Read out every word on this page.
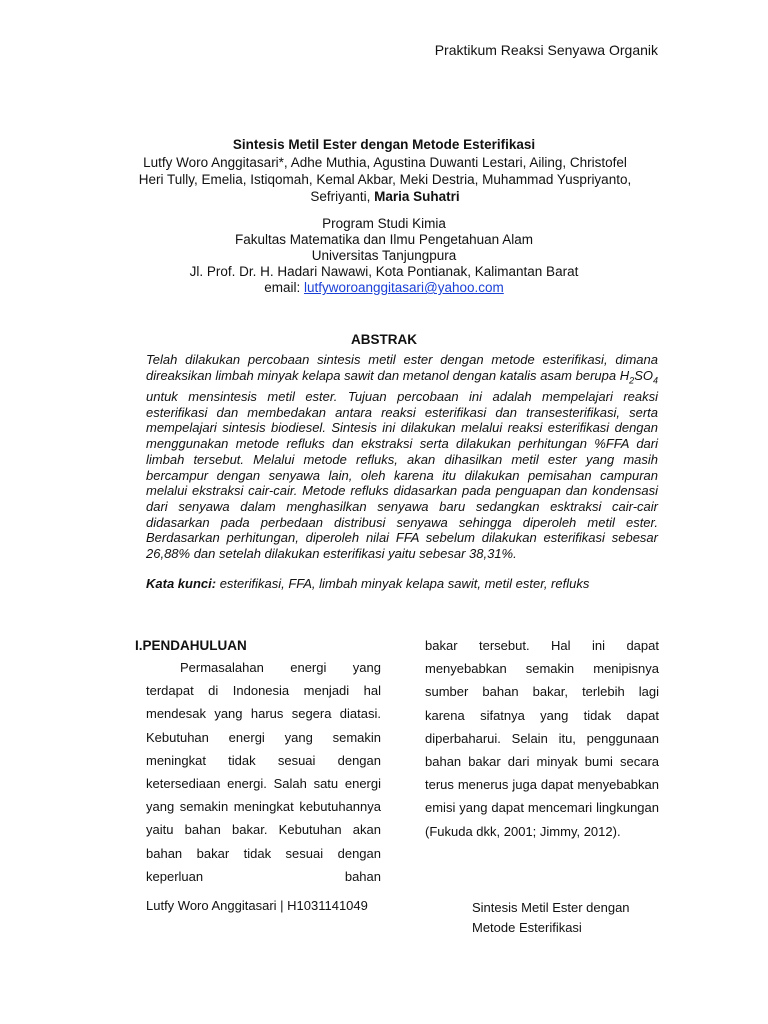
Praktikum Reaksi Senyawa Organik
Sintesis Metil Ester dengan Metode Esterifikasi
Lutfy Woro Anggitasari*, Adhe Muthia, Agustina Duwanti Lestari, Ailing, Christofel Heri Tully, Emelia, Istiqomah, Kemal Akbar, Meki Destria, Muhammad Yuspriyanto, Sefriyanti, Maria Suhatri
Program Studi Kimia
Fakultas Matematika dan Ilmu Pengetahuan Alam
Universitas Tanjungpura
Jl. Prof. Dr. H. Hadari Nawawi, Kota Pontianak, Kalimantan Barat
email: lutfyworoanggitasari@yahoo.com
ABSTRAK
Telah dilakukan percobaan sintesis metil ester dengan metode esterifikasi, dimana direaksikan limbah minyak kelapa sawit dan metanol dengan katalis asam berupa $H_2SO_4$ untuk mensintesis metil ester. Tujuan percobaan ini adalah mempelajari reaksi esterifikasi dan membedakan antara reaksi esterifikasi dan transesterifikasi, serta mempelajari sintesis biodiesel. Sintesis ini dilakukan melalui reaksi esterifikasi dengan menggunakan metode refluks dan ekstraksi serta dilakukan perhitungan %FFA dari limbah tersebut. Melalui metode refluks, akan dihasilkan metil ester yang masih bercampur dengan senyawa lain, oleh karena itu dilakukan pemisahan campuran melalui ekstraksi cair-cair. Metode refluks didasarkan pada penguapan dan kondensasi dari senyawa dalam menghasilkan senyawa baru sedangkan esktraksi cair-cair didasarkan pada perbedaan distribusi senyawa sehingga diperoleh metil ester. Berdasarkan perhitungan, diperoleh nilai FFA sebelum dilakukan esterifikasi sebesar 26,88% dan setelah dilakukan esterifikasi yaitu sebesar 38,31%.
Kata kunci: esterifikasi, FFA, limbah minyak kelapa sawit, metil ester, refluks
I.PENDAHULUAN
Permasalahan energi yang terdapat di Indonesia menjadi hal mendesak yang harus segera diatasi. Kebutuhan energi yang semakin meningkat tidak sesuai dengan ketersediaan energi. Salah satu energi yang semakin meningkat kebutuhannya yaitu bahan bakar. Kebutuhan akan bahan bakar tidak sesuai dengan keperluan bahan
bakar tersebut. Hal ini dapat menyebabkan semakin menipisnya sumber bahan bakar, terlebih lagi karena sifatnya yang tidak dapat diperbaharui. Selain itu, penggunaan bahan bakar dari minyak bumi secara terus menerus juga dapat menyebabkan emisi yang dapat mencemari lingkungan (Fukuda dkk, 2001; Jimmy, 2012).
Lutfy Woro Anggitasari | H1031141049	Sintesis Metil Ester dengan
Metode Esterifikasi
